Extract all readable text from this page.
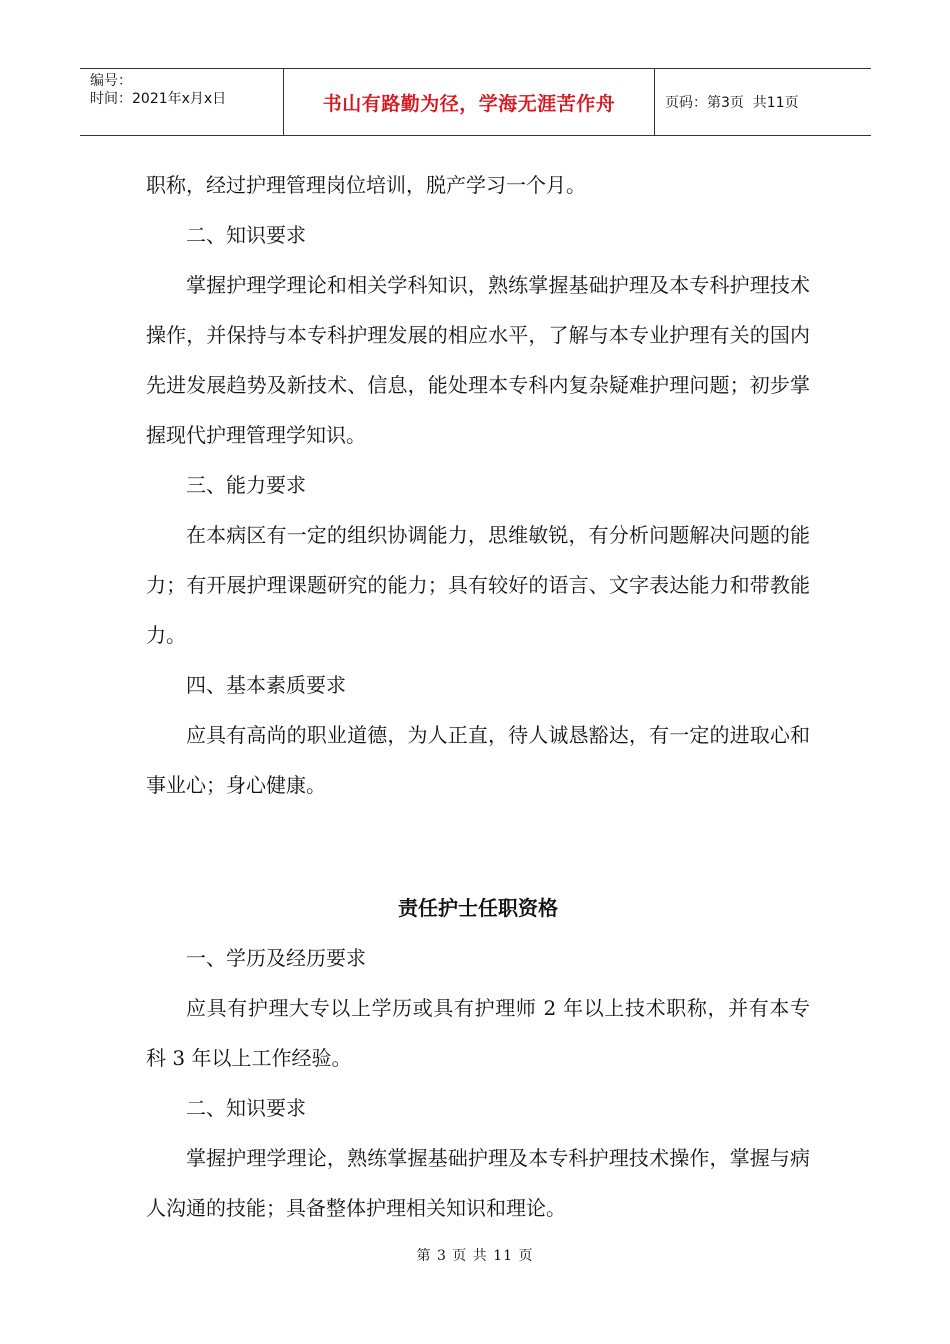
编号：
时间：2021年x月x日	书山有路勤为径，学海无涯苦作舟	页码：第3页  共11页

职称，经过护理管理岗位培训，脱产学习一个月。

二、知识要求

掌握护理学理论和相关学科知识，熟练掌握基础护理及本专科护理技术操作，并保持与本专科护理发展的相应水平，了解与本专业护理有关的国内先进发展趋势及新技术、信息，能处理本专科内复杂疑难护理问题；初步掌握现代护理管理学知识。

三、能力要求

在本病区有一定的组织协调能力，思维敏锐，有分析问题解决问题的能力；有开展护理课题研究的能力；具有较好的语言、文字表达能力和带教能力。

四、基本素质要求

应具有高尚的职业道德，为人正直，待人诚恳豁达，有一定的进取心和事业心；身心健康。

责任护士任职资格

一、学历及经历要求

应具有护理大专以上学历或具有护理师 2 年以上技术职称，并有本专科 3 年以上工作经验。

二、知识要求

掌握护理学理论，熟练掌握基础护理及本专科护理技术操作，掌握与病人沟通的技能；具备整体护理相关知识和理论。

第 3 页 共 11 页
